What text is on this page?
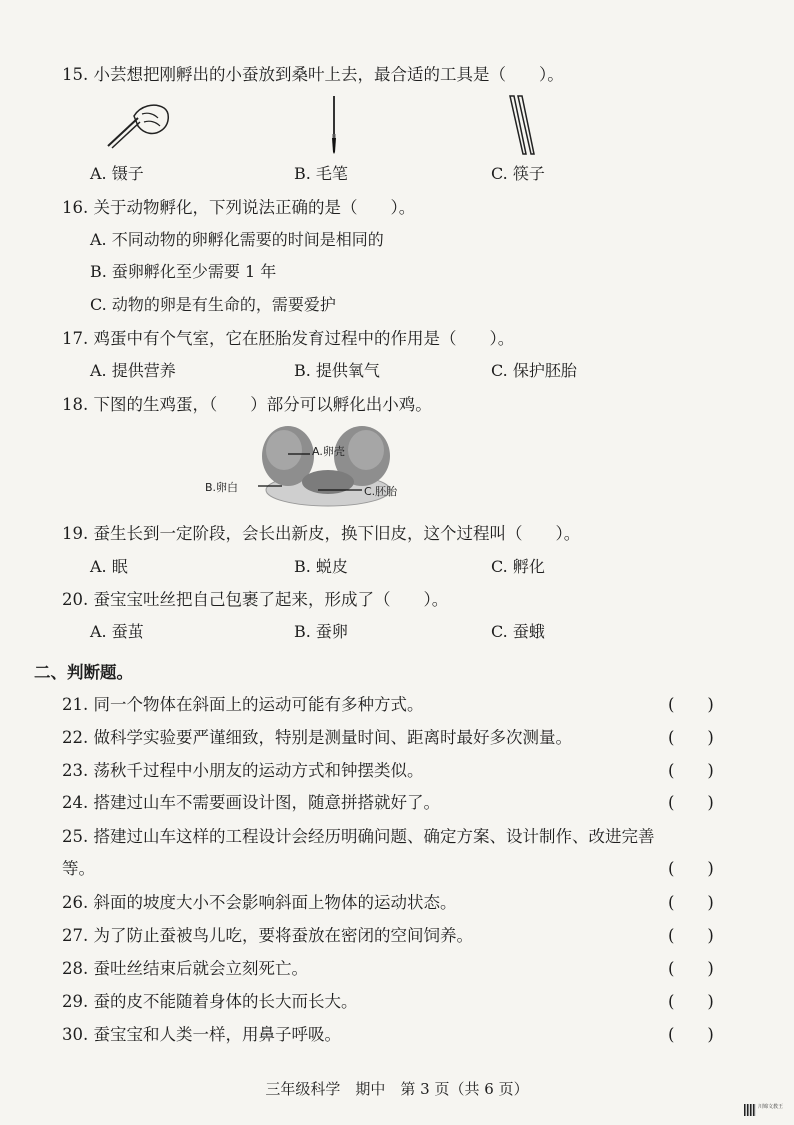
15. 小芸想把刚孵出的小蚕放到桑叶上去，最合适的工具是（　　）。
A. 镊子	B. 毛笔	C. 筷子
16. 关于动物孵化，下列说法正确的是（　　）。
A. 不同动物的卵孵化需要的时间是相同的
B. 蚕卵孵化至少需要 1 年
C. 动物的卵是有生命的，需要爱护
17. 鸡蛋中有个气室，它在胚胎发育过程中的作用是（　　）。
A. 提供营养	B. 提供氧气	C. 保护胚胎
18. 下图的生鸡蛋，（　　）部分可以孵化出小鸡。
A.卵壳
B.卵白	C.胚胎
19. 蚕生长到一定阶段，会长出新皮，换下旧皮，这个过程叫（　　）。
A. 眠	B. 蜕皮	C. 孵化
20. 蚕宝宝吐丝把自己包裹了起来，形成了（　　）。
A. 蚕茧	B. 蚕卵	C. 蚕蛾
二、判断题。
21. 同一个物体在斜面上的运动可能有多种方式。	(　　)
22. 做科学实验要严谨细致，特别是测量时间、距离时最好多次测量。	(　　)
23. 荡秋千过程中小朋友的运动方式和钟摆类似。	(　　)
24. 搭建过山车不需要画设计图，随意拼搭就好了。	(　　)
25. 搭建过山车这样的工程设计会经历明确问题、确定方案、设计制作、改进完善
等。	(　　)
26. 斜面的坡度大小不会影响斜面上物体的运动状态。	(　　)
27. 为了防止蚕被鸟儿吃，要将蚕放在密闭的空间饲养。	(　　)
28. 蚕吐丝结束后就会立刻死亡。	(　　)
29. 蚕的皮不能随着身体的长大而长大。	(　　)
30. 蚕宝宝和人类一样，用鼻子呼吸。	(　　)
三年级科学　期中　第 3 页（共 6 页）
川锦文教王
